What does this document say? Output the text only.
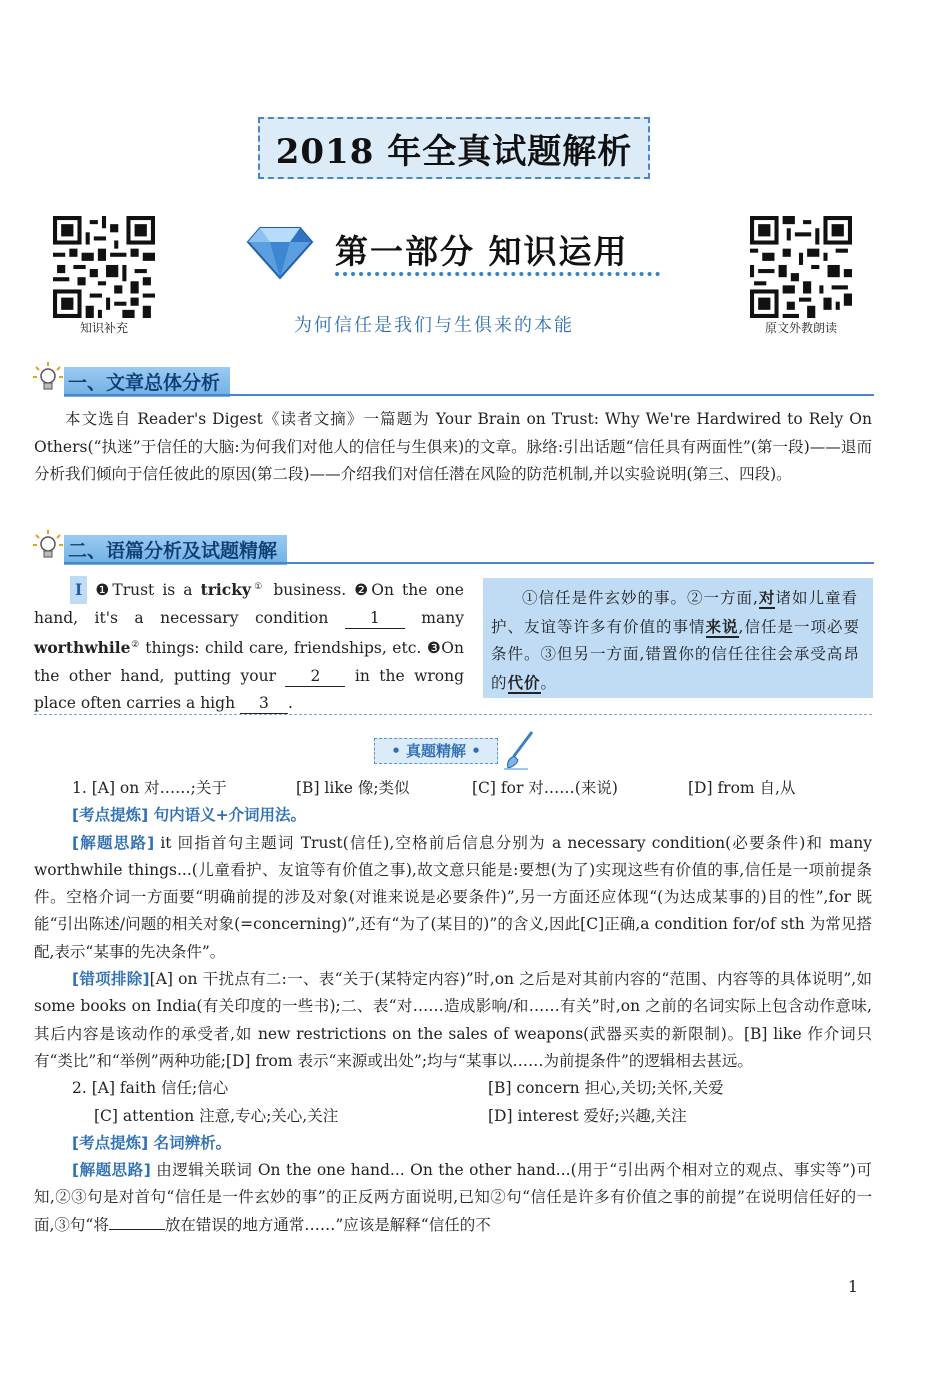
2018 年全真试题解析
知识补充	原文外教朗读
第一部分 知识运用
为何信任是我们与生俱来的本能
一、文章总体分析

本文选自 Reader's Digest《读者文摘》一篇题为 Your Brain on Trust: Why We're Hardwired to Rely On Others(“执迷”于信任的大脑:为何我们对他人的信任与生俱来)的文章。脉络:引出话题“信任具有两面性”(第一段)——退而分析我们倾向于信任彼此的原因(第二段)——介绍我们对信任潜在风险的防范机制,并以实验说明(第三、四段)。

二、语篇分析及试题精解
I ❶Trust is a tricky① business. ❷On the one hand, it's a necessary condition 1 many worthwhile② things: child care, friendships, etc. ❸On the other hand, putting your 2 in the wrong place often carries a high 3 .
①信任是件玄妙的事。②一方面,对诸如儿童看护、友谊等许多有价值的事情来说,信任是一项必要条件。③但另一方面,错置你的信任往往会承受高昂的代价。
• 真题精解 •
1. [A] on 对……;关于	[B] like 像;类似	[C] for 对……(来说)	[D] from 自,从

[考点提炼] 句内语义+介词用法。

[解题思路] it 回指首句主题词 Trust(信任),空格前后信息分别为 a necessary condition(必要条件)和 many worthwhile things...(儿童看护、友谊等有价值之事),故文意只能是:要想(为了)实现这些有价值的事,信任是一项前提条件。空格介词一方面要“明确前提的涉及对象(对谁来说是必要条件)”,另一方面还应体现“(为达成某事的)目的性”,for 既能“引出陈述/问题的相关对象(=concerning)”,还有“为了(某目的)”的含义,因此[C]正确,a condition for/of sth 为常见搭配,表示“某事的先决条件”。

[错项排除][A] on 干扰点有二:一、表“关于(某特定内容)”时,on 之后是对其前内容的“范围、内容等的具体说明”,如 some books on India(有关印度的一些书);二、表“对……造成影响/和……有关”时,on 之前的名词实际上包含动作意味,其后内容是该动作的承受者,如 new restrictions on the sales of weapons(武器买卖的新限制)。[B] like 作介词只有“类比”和“举例”两种功能;[D] from 表示“来源或出处”;均与“某事以……为前提条件”的逻辑相去甚远。

2. [A] faith 信任;信心	[B] concern 担心,关切;关怀,关爱
[C] attention 注意,专心;关心,关注	[D] interest 爱好;兴趣,关注

[考点提炼] 名词辨析。

[解题思路] 由逻辑关联词 On the one hand... On the other hand...(用于“引出两个相对立的观点、事实等”)可知,②③句是对首句“信任是一件玄妙的事”的正反两方面说明,已知②句“信任是许多有价值之事的前提”在说明信任好的一面,③句“将	放在错误的地方通常……”应该是解释“信任的不

1
